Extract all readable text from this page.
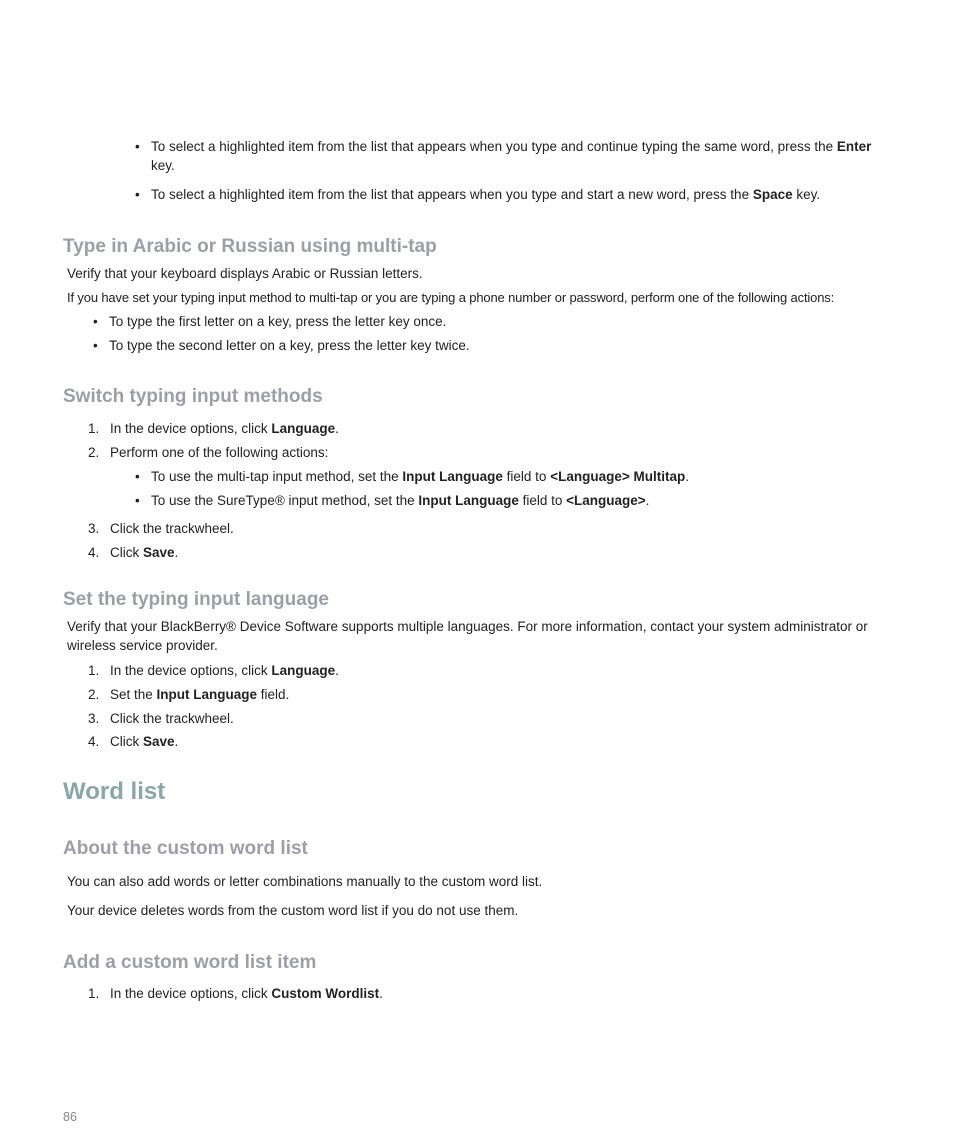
• To select a highlighted item from the list that appears when you type and continue typing the same word, press the Enter key.

• To select a highlighted item from the list that appears when you type and start a new word, press the Space key.

Type in Arabic or Russian using multi-tap

Verify that your keyboard displays Arabic or Russian letters.

If you have set your typing input method to multi-tap or you are typing a phone number or password, perform one of the following actions:

• To type the first letter on a key, press the letter key once.

• To type the second letter on a key, press the letter key twice.

Switch typing input methods
1. In the device options, click Language.

2. Perform one of the following actions:

• To use the multi-tap input method, set the Input Language field to <Language> Multitap.

• To use the SureType® input method, set the Input Language field to <Language>.

3. Click the trackwheel.

4. Click Save.

Set the typing input language

Verify that your BlackBerry® Device Software supports multiple languages. For more information, contact your system administrator or wireless service provider.

1. In the device options, click Language.

2. Set the Input Language field.

3. Click the trackwheel.

4. Click Save.

Word list
About the custom word list

You can also add words or letter combinations manually to the custom word list.

Your device deletes words from the custom word list if you do not use them.

Add a custom word list item
1. In the device options, click Custom Wordlist.

86
